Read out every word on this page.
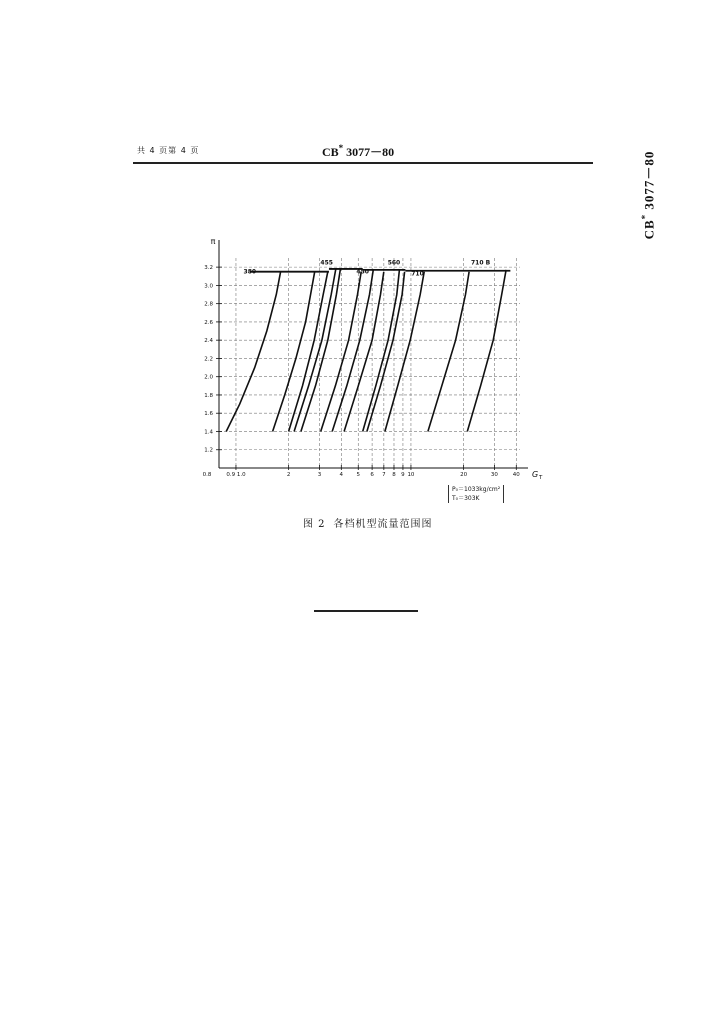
共 4 页第 4 页	CB* 3077－80
CB* 3077－80
1.2
1.4
1.6
1.8
2.0
2.2
2.4
2.6
2.8
3.0
3.2
0.9 1.0	2	3	4 5 6 7 8 9 10	20	30	40
0.8
π
G T
380
455
450
560
710
710 B
P₀＝1033kg/cm²
T₀＝303K
图 2 各档机型流量范围图
